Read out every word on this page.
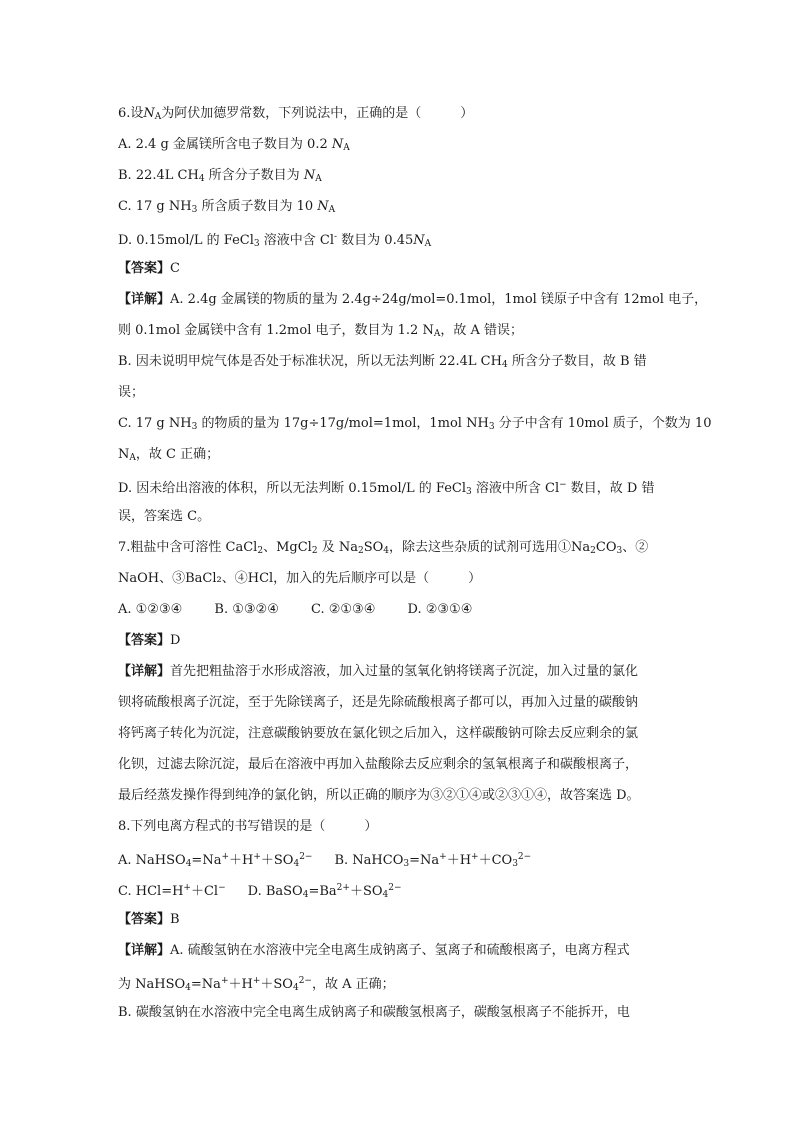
6.设$N_A$为阿伏加德罗常数，下列说法中，正确的是（　　　）
A. 2.4 g 金属镁所含电子数目为 0.2 $N_A$
B. 22.4L $CH_4$ 所含分子数目为 $N_A$
C. 17 g $NH_3$ 所含质子数目为 10 $N_A$
D. 0.15mol/L 的 FeCl$_3$ 溶液中含 Cl- 数目为 $0.45N_A$
【答案】C
【详解】A. 2.4g 金属镁的物质的量为 2.4g÷24g/mol=0.1mol，1mol 镁原子中含有 12mol 电子，
则 0.1mol 金属镁中含有 1.2mol 电子，数目为 1.2 $N_A$，故 A 错误；
B. 因未说明甲烷气体是否处于标准状况，所以无法判断 22.4L $CH_4$ 所含分子数目，故 B 错
误；
C. 17 g $NH_3$ 的物质的量为 17g÷17g/mol=1mol，1mol $NH_3$ 分子中含有 10mol 质子，个数为 10
$N_A$，故 C 正确；
D. 因未给出溶液的体积，所以无法判断 0.15mol/L 的 FeCl$_3$ 溶液中所含 Cl− 数目，故 D 错
误，答案选 C。
7.粗盐中含可溶性 CaCl$_2$、MgCl$_2$ 及 $Na_2SO_4$，除去这些杂质的试剂可选用$①Na_2CO_3$、②
NaOH、③BaCl₂、④HCl，加入的先后顺序可以是（　　　）
A. ①②③④ B. ①③②④ C. ②①③④ D. ②③①④
【答案】D
【详解】首先把粗盐溶于水形成溶液，加入过量的氢氧化钠将镁离子沉淀，加入过量的氯化
钡将硫酸根离子沉淀，至于先除镁离子，还是先除硫酸根离子都可以，再加入过量的碳酸钠
将钙离子转化为沉淀，注意碳酸钠要放在氯化钡之后加入，这样碳酸钠可除去反应剩余的氯
化钡，过滤去除沉淀，最后在溶液中再加入盐酸除去反应剩余的氢氧根离子和碳酸根离子，
最后经蒸发操作得到纯净的氯化钠，所以正确的顺序为③②①④或②③①④，故答案选 D。
8.下列电离方程式的书写错误的是（　　　）
A. $NaHSO_4=Na^++H^++SO_4^{2-}$ B. $NaHCO_3=Na^++H^++CO_3^{2-}$
C. HCl=H+＋Cl− D. $BaSO_4=Ba^{2+}+SO_4^{2-}$
【答案】B
【详解】A. 硫酸氢钠在水溶液中完全电离生成钠离子、氢离子和硫酸根离子，电离方程式
为 $NaHSO_4=Na^++H^++SO_4^{2-}$，故 A 正确；
B. 碳酸氢钠在水溶液中完全电离生成钠离子和碳酸氢根离子，碳酸氢根离子不能拆开，电
